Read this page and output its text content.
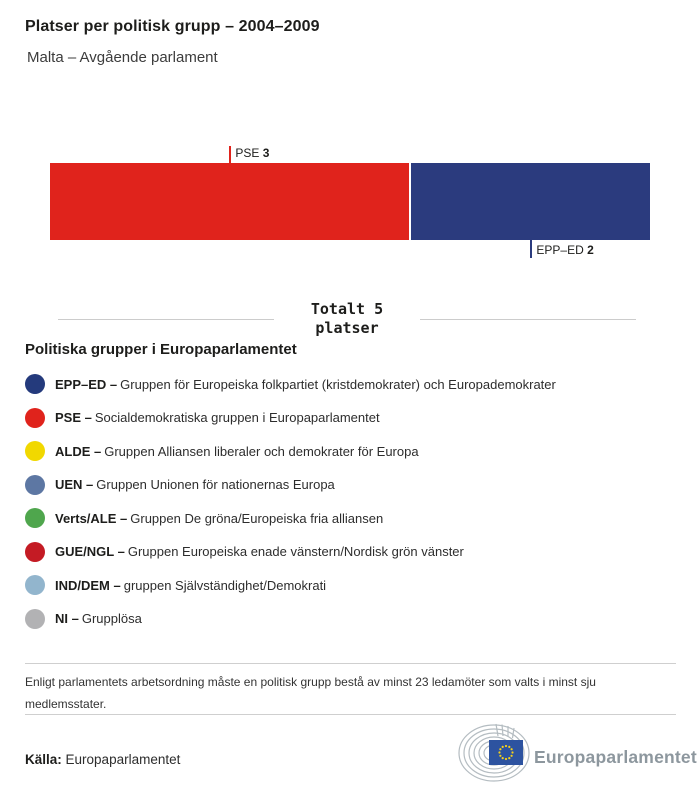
Platser per politisk grupp – 2004–2009
Malta – Avgående parlament
PSE 3
EPP–ED 2
Totalt 5
platser
Politiska grupper i Europaparlamentet
EPP–ED – Gruppen för Europeiska folkpartiet (kristdemokrater) och Europademokrater
PSE – Socialdemokratiska gruppen i Europaparlamentet
ALDE – Gruppen Alliansen liberaler och demokrater för Europa
UEN – Gruppen Unionen för nationernas Europa
Verts/ALE – Gruppen De gröna/Europeiska fria alliansen
GUE/NGL – Gruppen Europeiska enade vänstern/Nordisk grön vänster
IND/DEM – gruppen Självständighet/Demokrati
NI – Grupplösa

Enligt parlamentets arbetsordning måste en politisk grupp bestå av minst 23 ledamöter som valts i minst sju medlemsstater.

Källa: Europaparlamentet	Europaparlamentet
